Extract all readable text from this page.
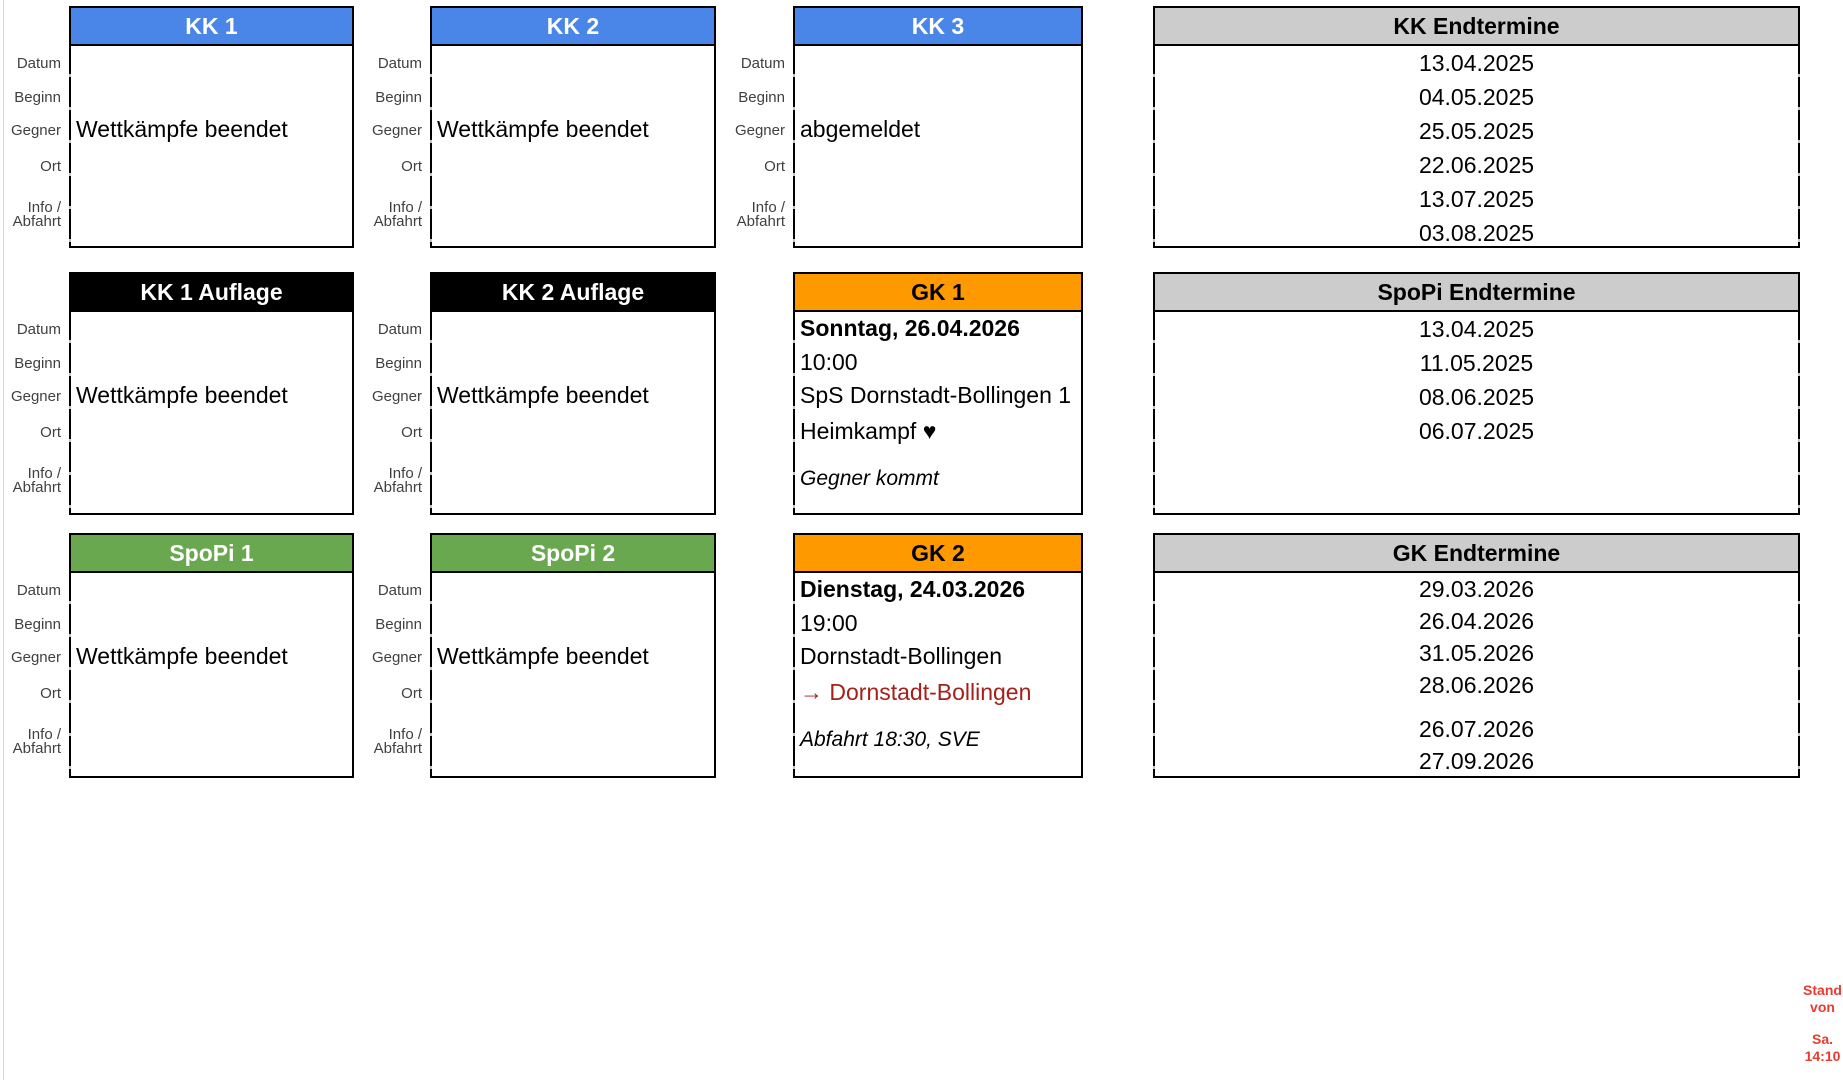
Datum
Beginn
Gegner
Ort
Info /
Abfahrt
KK 1
Wettkämpfe beendet
Datum
Beginn
Gegner
Ort
Info /
Abfahrt
KK 2
Wettkämpfe beendet
Datum
Beginn
Gegner
Ort
Info /
Abfahrt
KK 3
abgemeldet
KK Endtermine
13.04.2025
04.05.2025
25.05.2025
22.06.2025
13.07.2025
03.08.2025
Datum
Beginn
Gegner
Ort
Info /
Abfahrt
KK 1 Auflage
Wettkämpfe beendet
Datum
Beginn
Gegner
Ort
Info /
Abfahrt
KK 2 Auflage
Wettkämpfe beendet
GK 1
Sonntag, 26.04.2026
10:00
SpS Dornstadt-Bollingen 1
Heimkampf ♥
Gegner kommt
SpoPi Endtermine
13.04.2025
11.05.2025
08.06.2025
06.07.2025
Datum
Beginn
Gegner
Ort
Info /
Abfahrt
SpoPi 1
Wettkämpfe beendet
Datum
Beginn
Gegner
Ort
Info /
Abfahrt
SpoPi 2
Wettkämpfe beendet
GK 2
Dienstag, 24.03.2026
19:00
Dornstadt-Bollingen
→ Dornstadt-Bollingen
Abfahrt 18:30, SVE
GK Endtermine
29.03.2026
26.04.2026
31.05.2026
28.06.2026
26.07.2026
27.09.2026
Stand
von
Sa.
14:10
